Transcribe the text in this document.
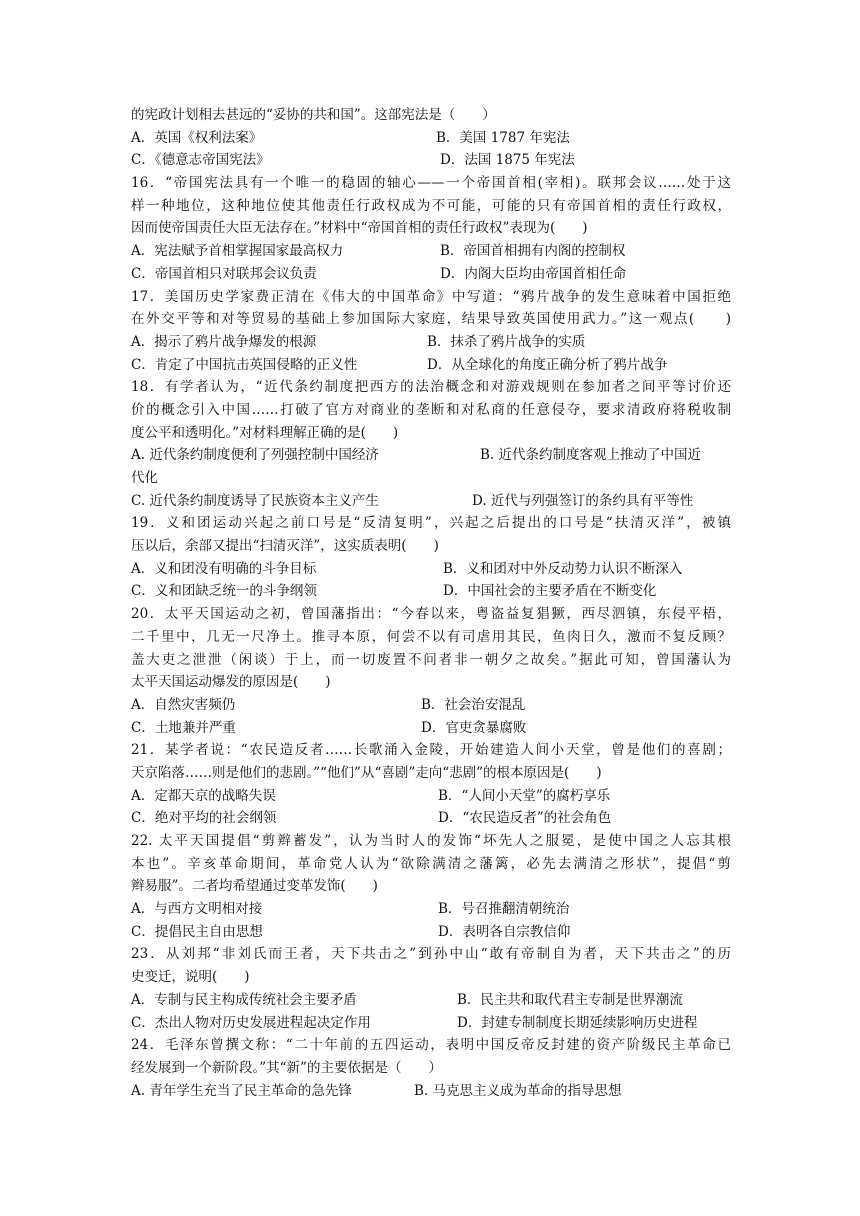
的宪政计划相去甚远的“妥协的共和国”。这部宪法是（　　）
A．英国《权利法案》	B．美国 1787 年宪法
C．《德意志帝国宪法》	D．法国 1875 年宪法
16．“帝国宪法具有一个唯一的稳固的轴心——一个帝国首相(宰相)。联邦会议……处于这
样一种地位，这种地位使其他责任行政权成为不可能，可能的只有帝国首相的责任行政权，
因而使帝国责任大臣无法存在。”材料中“帝国首相的责任行政权”表现为(　　)
A．宪法赋予首相掌握国家最高权力	B．帝国首相拥有内阁的控制权
C．帝国首相只对联邦会议负责	D．内阁大臣均由帝国首相任命
17．美国历史学家费正清在《伟大的中国革命》中写道：“鸦片战争的发生意味着中国拒绝
在外交平等和对等贸易的基础上参加国际大家庭，结果导致英国使用武力。”这一观点(　　)
A．揭示了鸦片战争爆发的根源	B．抹杀了鸦片战争的实质
C．肯定了中国抗击英国侵略的正义性	D．从全球化的角度正确分析了鸦片战争
18．有学者认为，“近代条约制度把西方的法治概念和对游戏规则在参加者之间平等讨价还
价的概念引入中国……打破了官方对商业的垄断和对私商的任意侵夺，要求清政府将税收制
度公平和透明化。”对材料理解正确的是(　　)
A. 近代条约制度便利了列强控制中国经济	B. 近代条约制度客观上推动了中国近
代化
C. 近代条约制度诱导了民族资本主义产生	D. 近代与列强签订的条约具有平等性
19．义和团运动兴起之前口号是“反清复明”，兴起之后提出的口号是“扶清灭洋”，被镇
压以后，余部又提出“扫清灭洋”，这实质表明(　　)
A．义和团没有明确的斗争目标	B．义和团对中外反动势力认识不断深入
C．义和团缺乏统一的斗争纲领	D．中国社会的主要矛盾在不断变化
20．太平天国运动之初，曾国藩指出：“今春以来，粤盗益复猖獗，西尽泗镇，东侵平梧，
二千里中，几无一尺净土。推寻本原，何尝不以有司虐用其民，鱼肉日久，激而不复反顾？
盖大吏之泄泄（闲谈）于上，而一切废置不问者非一朝夕之故矣。”据此可知，曾国藩认为
太平天国运动爆发的原因是(　　)
A．自然灾害频仍	B．社会治安混乱
C．土地兼并严重	D．官吏贪暴腐败
21．某学者说：“农民造反者……长歌涌入金陵，开始建造人间小天堂，曾是他们的喜剧；
天京陷落……则是他们的悲剧。”“他们”从“喜剧”走向“悲剧”的根本原因是(　　)
A．定都天京的战略失误	B．“人间小天堂”的腐朽享乐
C．绝对平均的社会纲领	D．“农民造反者”的社会角色
22. 太平天国提倡“剪辫蓄发”，认为当时人的发饰“坏先人之服冕，是使中国之人忘其根
本也”。辛亥革命期间，革命党人认为“欲除满清之藩篱，必先去满清之形状”，提倡“剪
辫易服”。二者均希望通过变革发饰(　　)
A．与西方文明相对接	B．号召推翻清朝统治
C．提倡民主自由思想	D．表明各自宗教信仰
23．从刘邦“非刘氏而王者，天下共击之”到孙中山“敢有帝制自为者，天下共击之”的历
史变迁，说明(　　)
A．专制与民主构成传统社会主要矛盾	B．民主共和取代君主专制是世界潮流
C．杰出人物对历史发展进程起决定作用	D．封建专制制度长期延续影响历史进程
24．毛泽东曾撰文称：“二十年前的五四运动，表明中国反帝反封建的资产阶级民主革命已
经发展到一个新阶段。”其“新”的主要依据是（　　）
A. 青年学生充当了民主革命的急先锋	B. 马克思主义成为革命的指导思想
